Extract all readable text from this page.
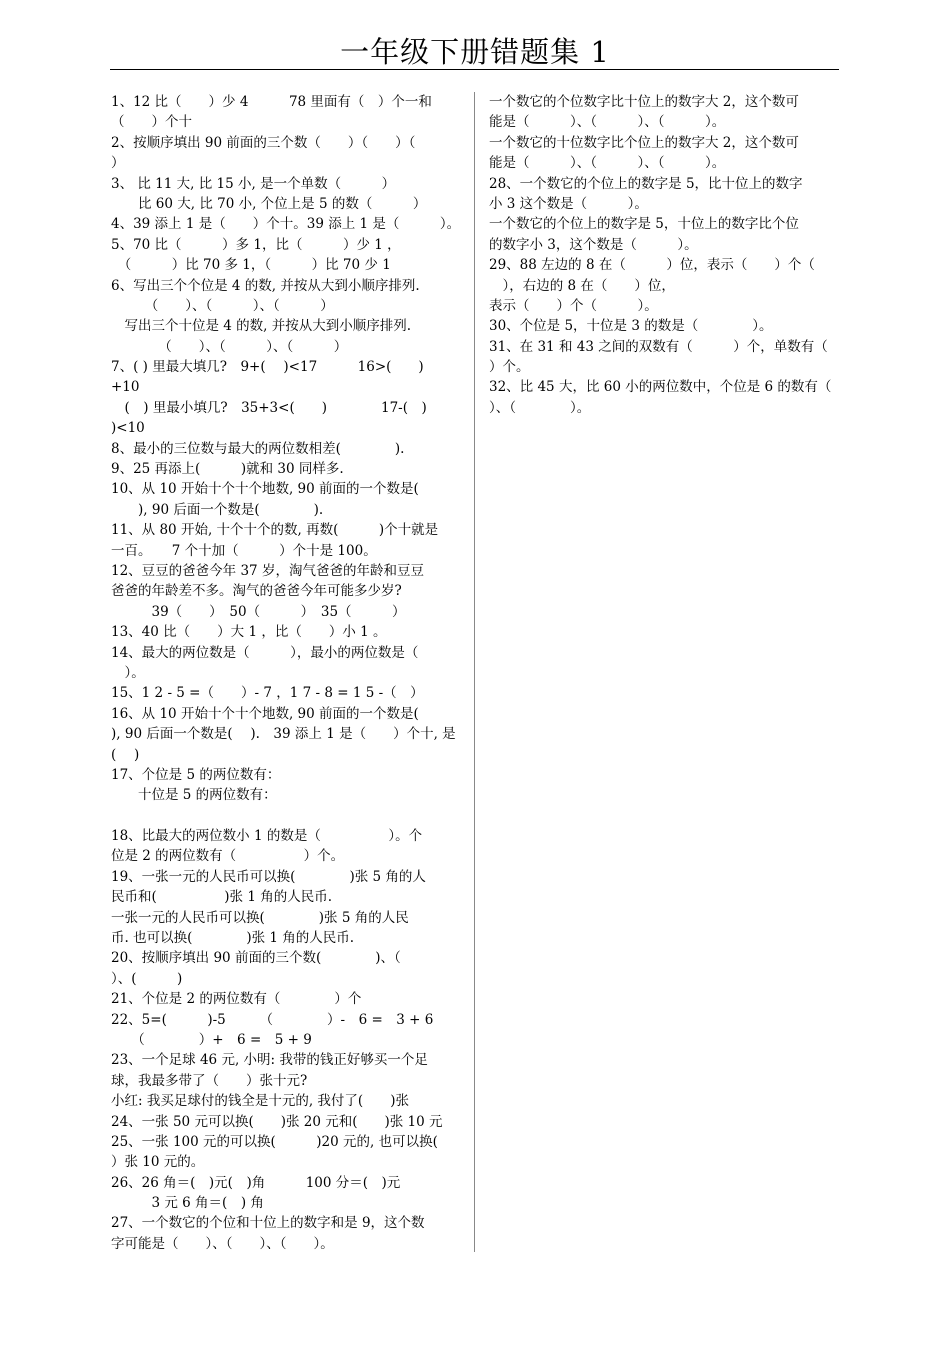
一年级下册错题集 1
1、12 比（　　）少 4　　　78 里面有（　）个一和
（　　）个十
2、按顺序填出 90 前面的三个数（　　）（　　）（
）
3、 比 11 大, 比 15 小, 是一个单数（　　　）
　　比 60 大, 比 70 小, 个位上是 5 的数（　　　）
4、39 添上 1 是（　　）个十。39 添上 1 是（　　　）。
5、70 比（　　　）多 1，比（　　　）少 1 ，
　（　　　）比 70 多 1，（　　　）比 70 少 1
6、写出三个个位是 4 的数, 并按从大到小顺序排列.
　　　（　　）、（　　　）、（　　　）
　写出三个十位是 4 的数, 并按从大到小顺序排列.
　　　　（　　）、（　　　）、（　　　）
7、( ) 里最大填几?　9+(　 )<17　　　16>(　　)
+10
　(　) 里最小填几?　35+3<(　　)　　　　17-(　)
)<10
8、最小的三位数与最大的两位数相差(　　　　).
9、25 再添上(　　　)就和 30 同样多.
10、从 10 开始十个十个地数, 90 前面的一个数是(
　　), 90 后面一个数是(　　　　).
11、从 80 开始, 十个十个的数, 再数(　　　)个十就是
一百。　　7 个十加（　　　）个十是 100。
12、豆豆的爸爸今年 37 岁，淘气爸爸的年龄和豆豆
爸爸的年龄差不多。淘气的爸爸今年可能多少岁?
　　　39（　　）　50（　　　）　35（　　　）
13、40 比（　　）大 1 ，比（　　）小 1 。
14、最大的两位数是（　　　），最小的两位数是（
　）。
15、1 2 - 5 =（　　）- 7 ，1 7 - 8 = 1 5 -（　）
16、从 10 开始十个十个地数, 90 前面的一个数是(
), 90 后面一个数是(　 ).　39 添上 1 是（　　）个十, 是
(　 )
17、个位是 5 的两位数有：
　　十位是 5 的两位数有：
18、比最大的两位数小 1 的数是（　　　　　）。个
位是 2 的两位数有（　　　　　）个。
19、一张一元的人民币可以换(　　　　)张 5 角的人
民币和(　　　　　)张 1 角的人民币.
一张一元的人民币可以换(　　　　)张 5 角的人民
币. 也可以换(　　　　)张 1 角的人民币.
20、按顺序填出 90 前面的三个数(　　　　)、（
）、(　　　)
21、个位是 2 的两位数有（　　　　）个
22、5=(　　　)-5　　　（　　　　）-　6 =　3 + 6
　　（　　　　）+　6 =　5 + 9
23、一个足球 46 元, 小明: 我带的钱正好够买一个足
球，我最多带了（　　）张十元?
小红: 我买足球付的钱全是十元的, 我付了(　　)张
24、一张 50 元可以换(　　)张 20 元和(　　)张 10 元
25、一张 100 元的可以换(　　　)20 元的, 也可以换(
）张 10 元的。
26、26 角＝(　)元(　)角　　　100 分＝(　)元
　　　3 元 6 角＝(　) 角
27、一个数它的个位和十位上的数字和是 9，这个数
字可能是（　　）、（　　）、（　　）。
一个数它的个位数字比十位上的数字大 2，这个数可
能是（　　　）、（　　　）、（　　　）。
一个数它的十位数字比个位上的数字大 2，这个数可
能是（　　　）、（　　　）、（　　　）。
28、一个数它的个位上的数字是 5，比十位上的数字
小 3 这个数是（　　　）。
一个数它的个位上的数字是 5，十位上的数字比个位
的数字小 3，这个数是（　　　）。
29、88 左边的 8 在（　　　）位，表示（　　）个（
　），右边的 8 在（　　）位，
表示（　　）个（　　　）。
30、个位是 5，十位是 3 的数是（　　　　）。
31、在 31 和 43 之间的双数有（　　　）个，单数有（
）个。
32、比 45 大，比 60 小的两位数中，个位是 6 的数有（
）、（　　　　）。
